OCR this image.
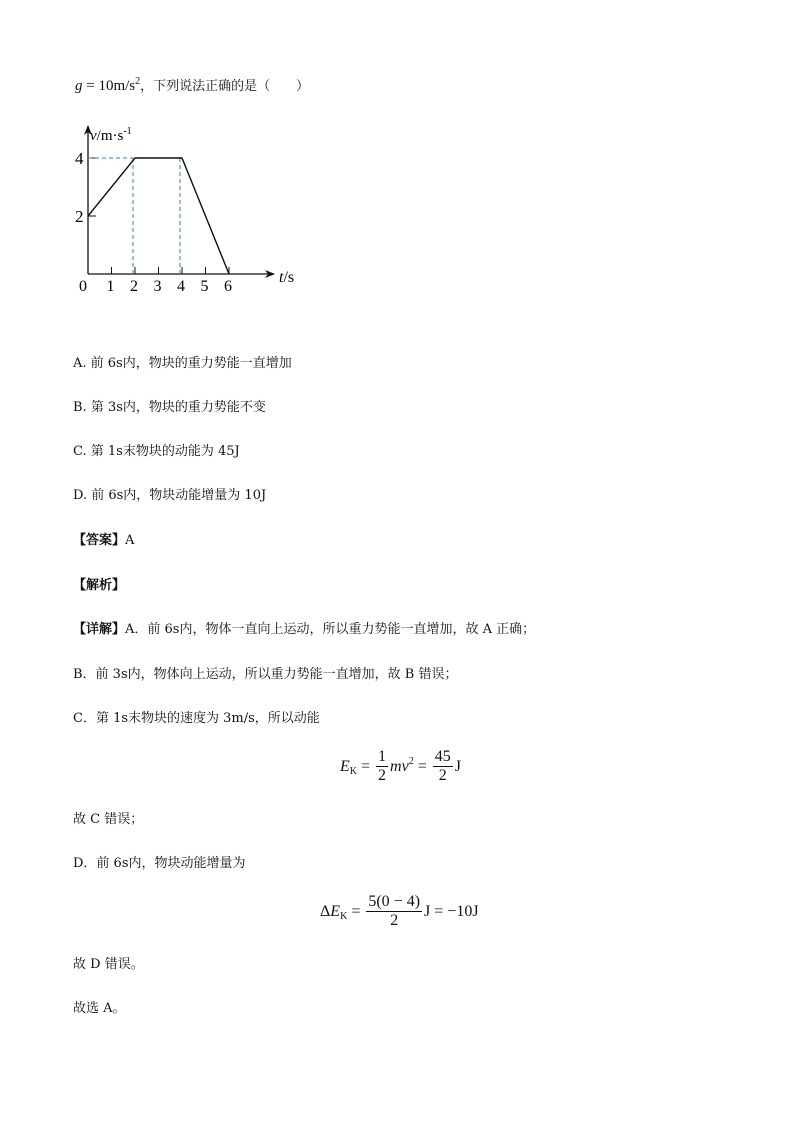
$g = 10m/s^2$，下列说法正确的是（　　）
$v/m\cdot s^{-1}$
t/s
4
2
0 1 2 3 4 5 6
A. 前 6s内，物块的重力势能一直增加
B. 第 3s内，物块的重力势能不变
C. 第 1s末物块的动能为 45J
D. 前 6s内，物块动能增量为 10J
【答案】A
【解析】
【详解】A．前 6s内，物体一直向上运动，所以重力势能一直增加，故 A 正确；
B．前 3s内，物体向上运动，所以重力势能一直增加，故 B 错误；
C．第 1s末物块的速度为 3m/s，所以动能
$E_K = \frac{1}{2} mv^2 = \frac{45}{2}$ J
故 C 错误；
D．前 6s内，物块动能增量为
Δ $E_K = \frac{5(0 - 4)}{2}$ J = −10J
故 D 错误。
故选 A。
